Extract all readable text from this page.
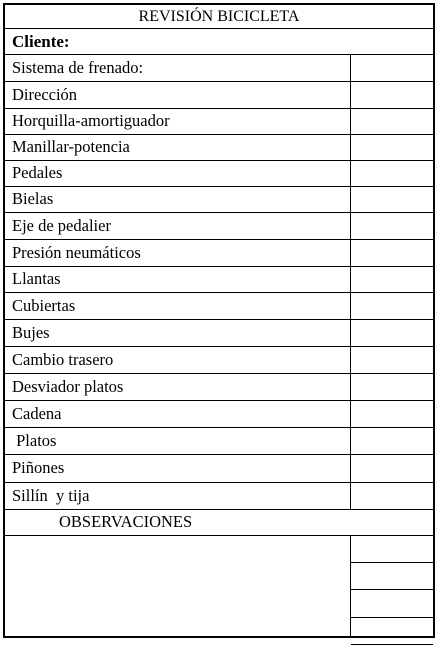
REVISIÓN BICICLETA
Cliente:
Sistema de frenado:
Dirección
Horquilla-amortiguador
Manillar-potencia
Pedales
Bielas
Eje de pedalier
Presión neumáticos
Llantas
Cubiertas
Bujes
Cambio trasero
Desviador platos
Cadena
Platos
Piñones
Sillín  y tija
OBSERVACIONES
